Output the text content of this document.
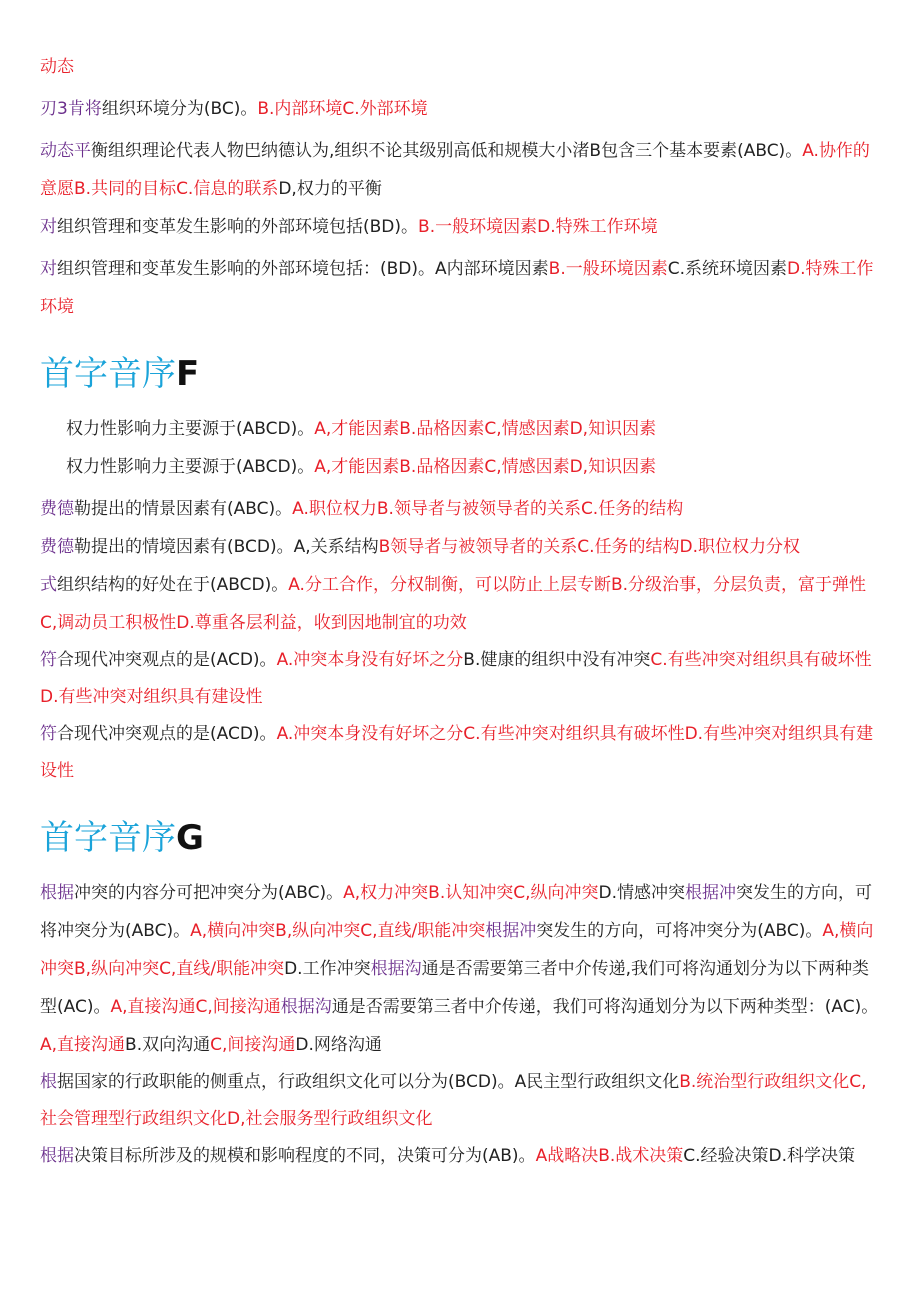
动态

刃3肯将组织环境分为(BC)。B.内部环境C.外部环境

动态平衡组织理论代表人物巴纳德认为,组织不论其级别高低和规模大小渚B包含三个基本要素(ABC)。A.协作的意愿B.共同的目标C.信息的联系D,权力的平衡

对组织管理和变革发生影响的外部环境包括(BD)。B.一般环境因素D.特殊工作环境

对组织管理和变革发生影响的外部环境包括：(BD)。A内部环境因素B.一般环境因素C.系统环境因素D.特殊工作环境

首字音序F

权力性影响力主要源于(ABCD)。A,才能因素B.品格因素C,情感因素D,知识因素

权力性影响力主要源于(ABCD)。A,才能因素B.品格因素C,情感因素D,知识因素

费德勒提出的情景因素有(ABC)。A.职位权力B.领导者与被领导者的关系C.任务的结构

费德勒提出的情境因素有(BCD)。A,关系结构B领导者与被领导者的关系C.任务的结构D.职位权力分权

式组织结构的好处在于(ABCD)。A.分工合作，分权制衡，可以防止上层专断B.分级治事，分层负责，富于弹性C,调动员工积极性D.尊重各层利益，收到因地制宜的功效

符合现代冲突观点的是(ACD)。A.冲突本身没有好坏之分B.健康的组织中没有冲突C.有些冲突对组织具有破坏性D.有些冲突对组织具有建设性

符合现代冲突观点的是(ACD)。A.冲突本身没有好坏之分C.有些冲突对组织具有破坏性D.有些冲突对组织具有建设性

首字音序G

根据冲突的内容分可把冲突分为(ABC)。A,权力冲突B.认知冲突C,纵向冲突D.情感冲突根据冲突发生的方向，可将冲突分为(ABC)。A,横向冲突B,纵向冲突C,直线/职能冲突根据冲突发生的方向，可将冲突分为(ABC)。A,横向冲突B,纵向冲突C,直线/职能冲突D.工作冲突根据沟通是否需要第三者中介传递,我们可将沟通划分为以下两种类型(AC)。A,直接沟通C,间接沟通根据沟通是否需要第三者中介传递，我们可将沟通划分为以下两种类型：(AC)。A,直接沟通B.双向沟通C,间接沟通D.网络沟通

根据国家的行政职能的侧重点，行政组织文化可以分为(BCD)。A民主型行政组织文化B.统治型行政组织文化C,社会管理型行政组织文化D,社会服务型行政组织文化

根据决策目标所涉及的规模和影响程度的不同，决策可分为(AB)。A战略决B.战术决策C.经验决策D.科学决策
